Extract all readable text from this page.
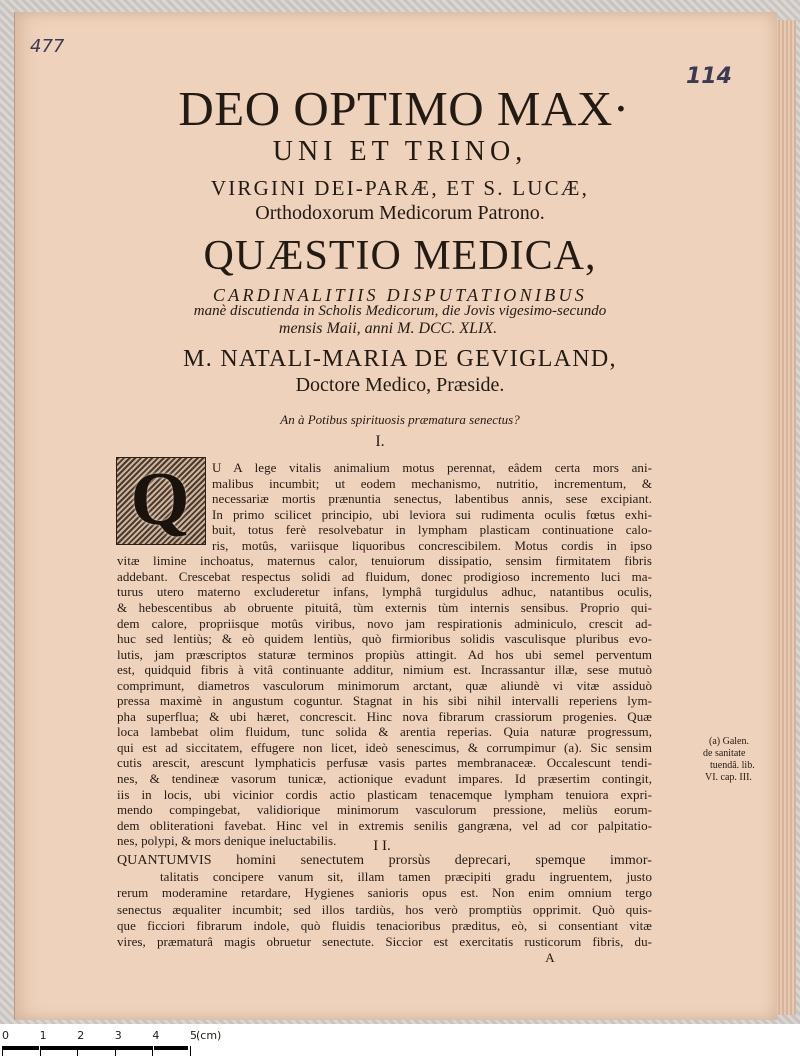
477
114
DEO OPTIMO MAX·
UNI ET TRINO,
VIRGINI DEI-PARÆ, ET S. LUCÆ,
Orthodoxorum Medicorum Patrono.
QUÆSTIO MEDICA,
CARDINALITIIS DISPUTATIONIBUS
manè discutienda in Scholis Medicorum, die Jovis vigesimo-secundo
mensis Maii, anni M. DCC. XLIX.
M. NATALI-MARIA DE GEVIGLAND,
Doctore Medico, Præside.
An à Potibus spirituosis præmatura senectus?
I.
Q	U A lege vitalis animalium motus perennat, eâdem certa mors ani-
malibus incumbit; ut eodem mechanismo, nutritio, incrementum, &
necessariæ mortis prænuntia senectus, labentibus annis, sese excipiant.
In primo scilicet principio, ubi leviora sui rudimenta oculis fœtus exhi-
buit, totus ferè resolvebatur in lympham plasticam continuatione calo-
ris, motûs, variisque liquoribus concrescibilem. Motus cordis in ipso
vitæ limine inchoatus, maternus calor, tenuiorum dissipatio, sensim firmitatem fibris
addebant. Crescebat respectus solidi ad fluidum, donec prodigioso incremento luci ma-
turus utero materno excluderetur infans, lymphâ turgidulus adhuc, natantibus oculis,
& hebescentibus ab obruente pituitâ, tùm externis tùm internis sensibus. Proprio qui-
dem calore, propriisque motûs viribus, novo jam respirationis adminiculo, crescit ad-
huc sed lentiùs; & eò quidem lentiùs, quò firmioribus solidis vasculisque pluribus evo-
lutis, jam præscriptos staturæ terminos propiùs attingit. Ad hos ubi semel perventum
est, quidquid fibris à vitâ continuante additur, nimium est. Incrassantur illæ, sese mutuò
comprimunt, diametros vasculorum minimorum arctant, quæ aliundè vi vitæ assiduò
pressa maximè in angustum coguntur. Stagnat in his sibi nihil intervalli reperiens lym-
pha superflua; & ubi hæret, concrescit. Hinc nova fibrarum crassiorum progenies. Quæ
loca lambebat olim fluidum, tunc solida & arentia reperias. Quia naturæ progressum,
qui est ad siccitatem, effugere non licet, ideò senescimus, & corrumpimur (a). Sic sensim
cutis arescit, arescunt lymphaticis perfusæ vasis partes membranaceæ. Occalescunt tendi-
nes, & tendineæ vasorum tunicæ, actionique evadunt impares. Id præsertim contingit,
iis in locis, ubi vicinior cordis actio plasticam tenacemque lympham tenuiora expri-
mendo compingebat, validiorique minimorum vasculorum pressione, meliùs eorum-
dem obliterationi favebat. Hinc vel in extremis senilis gangræna, vel ad cor palpitatio-
nes, polypi, & mors denique ineluctabilis.
(a) Galen.
de sanitate
tuendâ. lib.
VI. cap. III.
I I.
QUANTUMVIS homini senectutem prorsùs deprecari, spemque immor-
talitatis concipere vanum sit, illam tamen præcipiti gradu ingruentem, justo
rerum moderamine retardare, Hygienes sanioris opus est. Non enim omnium tergo
senectus æqualiter incumbit; sed illos tardiùs, hos verò promptiùs opprimit. Quò quis-
que ficciori fibrarum indole, quò fluidis tenacioribus præditus, eò, si consentiant vitæ
vires, præmaturâ magis obruetur senectute. Siccior est exercitatis rusticorum fibris, du-
A
0	1	2	3	4	5 (cm)
